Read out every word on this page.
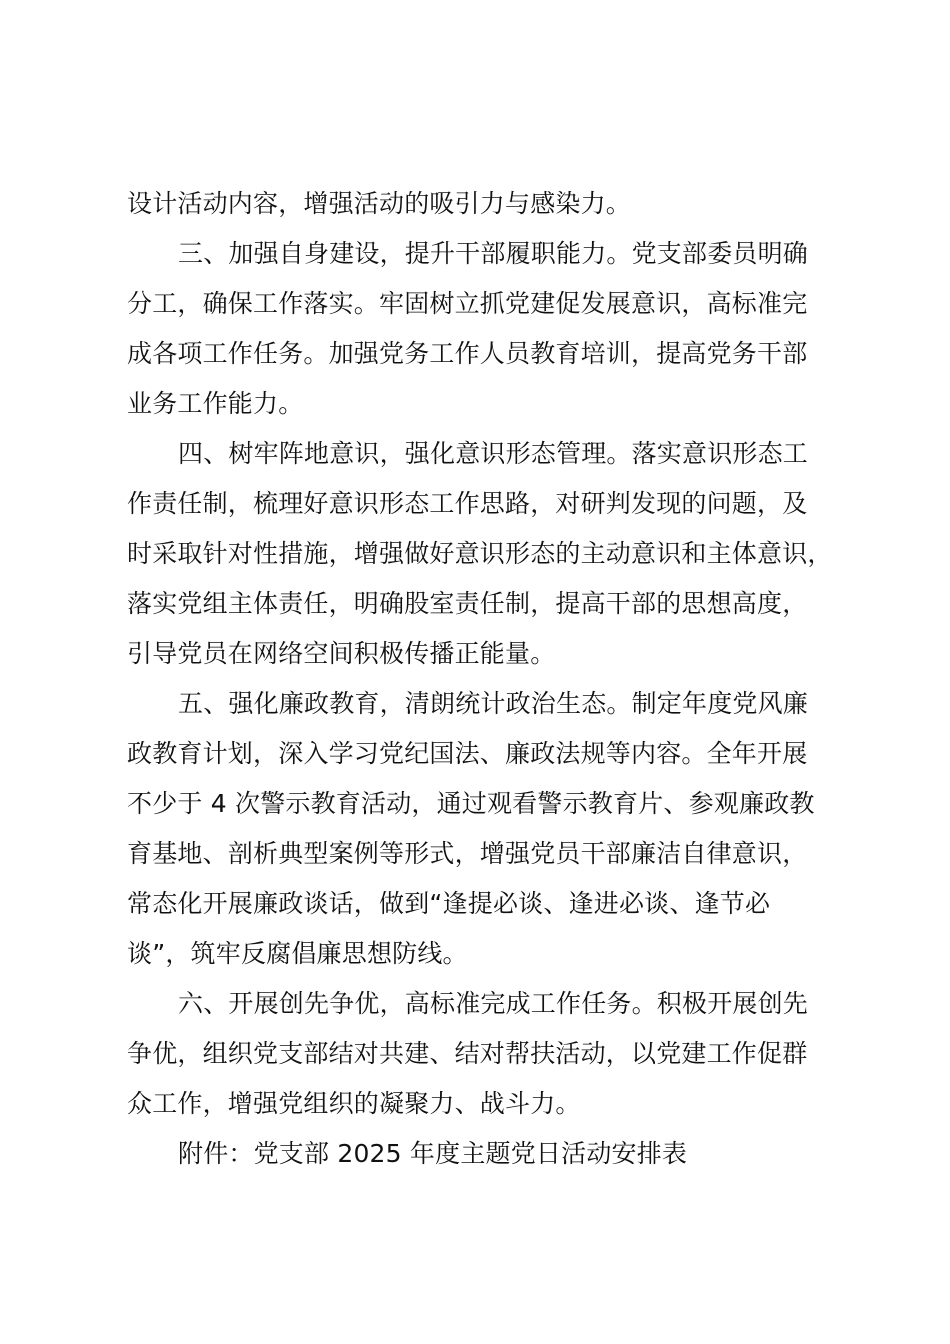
设计活动内容，增强活动的吸引力与感染力。
三、加强自身建设，提升干部履职能力。党支部委员明确
分工，确保工作落实。牢固树立抓党建促发展意识，高标准完
成各项工作任务。加强党务工作人员教育培训，提高党务干部
业务工作能力。
四、树牢阵地意识，强化意识形态管理。落实意识形态工
作责任制，梳理好意识形态工作思路，对研判发现的问题，及
时采取针对性措施，增强做好意识形态的主动意识和主体意识，
落实党组主体责任，明确股室责任制，提高干部的思想高度，
引导党员在网络空间积极传播正能量。
五、强化廉政教育，清朗统计政治生态。制定年度党风廉
政教育计划，深入学习党纪国法、廉政法规等内容。全年开展
不少于 4 次警示教育活动，通过观看警示教育片、参观廉政教
育基地、剖析典型案例等形式，增强党员干部廉洁自律意识，
常态化开展廉政谈话，做到“逢提必谈、逢进必谈、逢节必
谈”，筑牢反腐倡廉思想防线。
六、开展创先争优，高标准完成工作任务。积极开展创先
争优，组织党支部结对共建、结对帮扶活动，以党建工作促群
众工作，增强党组织的凝聚力、战斗力。
附件：党支部 2025 年度主题党日活动安排表
